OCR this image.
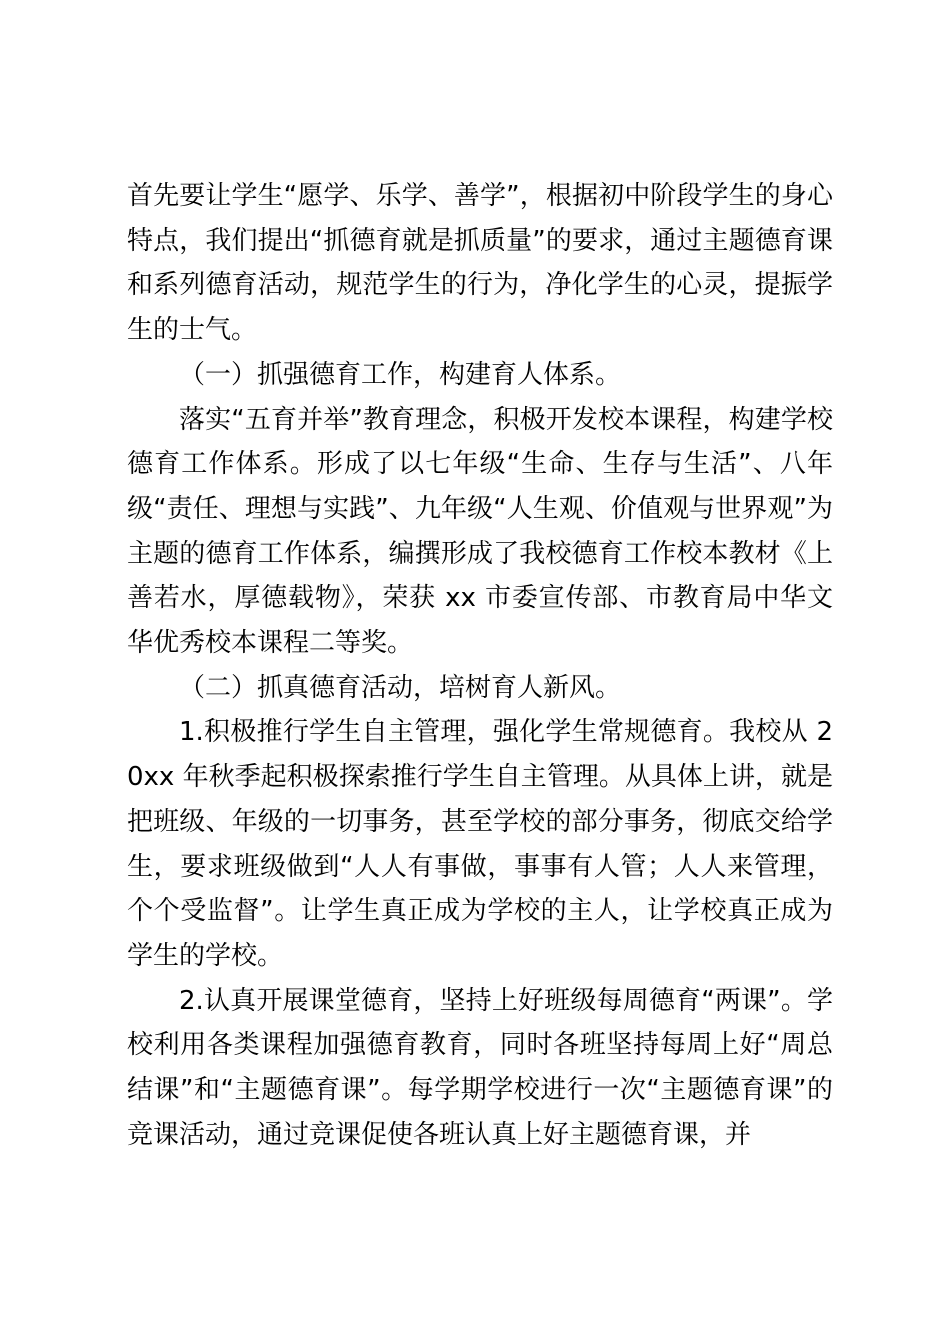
首先要让学生“愿学、乐学、善学”，根据初中阶段学生的身心特点，我们提出“抓德育就是抓质量”的要求，通过主题德育课和系列德育活动，规范学生的行为，净化学生的心灵，提振学生的士气。

（一）抓强德育工作，构建育人体系。

落实“五育并举”教育理念，积极开发校本课程，构建学校德育工作体系。形成了以七年级“生命、生存与生活”、八年级“责任、理想与实践”、九年级“人生观、价值观与世界观”为主题的德育工作体系，编撰形成了我校德育工作校本教材《上善若水，厚德载物》，荣获 xx 市委宣传部、市教育局中华文华优秀校本课程二等奖。

（二）抓真德育活动，培树育人新风。

1.积极推行学生自主管理，强化学生常规德育。我校从 20xx 年秋季起积极探索推行学生自主管理。从具体上讲，就是把班级、年级的一切事务，甚至学校的部分事务，彻底交给学生，要求班级做到“人人有事做，事事有人管；人人来管理，个个受监督”。让学生真正成为学校的主人，让学校真正成为学生的学校。

2.认真开展课堂德育，坚持上好班级每周德育“两课”。学校利用各类课程加强德育教育，同时各班坚持每周上好“周总结课”和“主题德育课”。每学期学校进行一次“主题德育课”的竞课活动，通过竞课促使各班认真上好主题德育课，并
